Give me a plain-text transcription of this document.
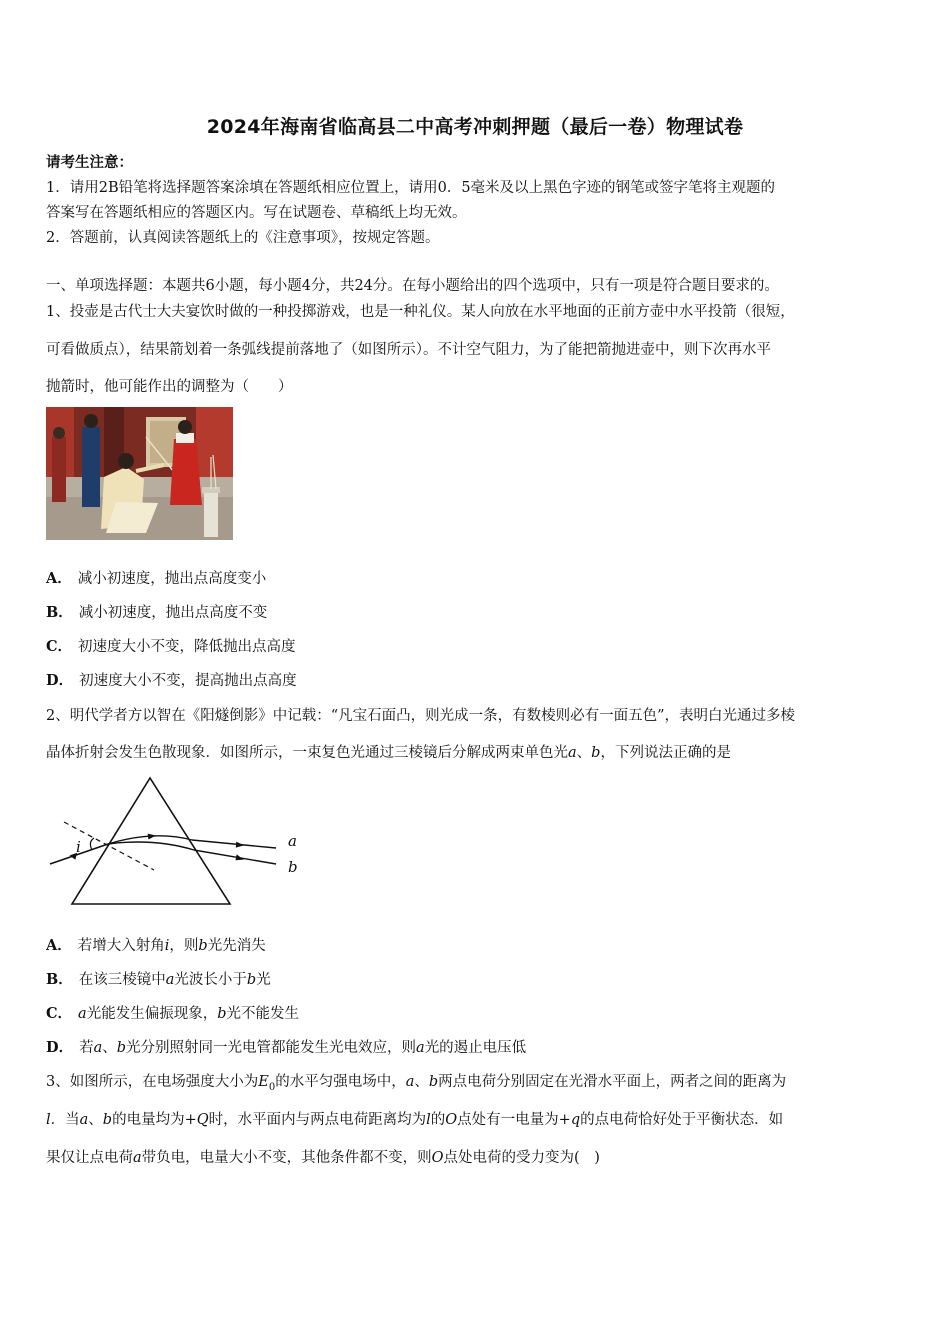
2024年海南省临高县二中高考冲刺押题（最后一卷）物理试卷
请考生注意：
1．请用2B铅笔将选择题答案涂填在答题纸相应位置上，请用0．5毫米及以上黑色字迹的钢笔或签字笔将主观题的
答案写在答题纸相应的答题区内。写在试题卷、草稿纸上均无效。
2．答题前，认真阅读答题纸上的《注意事项》，按规定答题。
一、单项选择题：本题共6小题，每小题4分，共24分。在每小题给出的四个选项中，只有一项是符合题目要求的。
1、投壶是古代士大夫宴饮时做的一种投掷游戏，也是一种礼仪。某人向放在水平地面的正前方壶中水平投箭（很短，
可看做质点），结果箭划着一条弧线提前落地了（如图所示）。不计空气阻力，为了能把箭抛进壶中，则下次再水平
抛箭时，他可能作出的调整为（　　）
A． 减小初速度，抛出点高度变小
B． 减小初速度，抛出点高度不变
C． 初速度大小不变，降低抛出点高度
D． 初速度大小不变，提高抛出点高度
2、明代学者方以智在《阳燧倒影》中记载：“凡宝石面凸，则光成一条，有数棱则必有一面五色”，表明白光通过多棱
晶体折射会发生色散现象．如图所示，一束复色光通过三棱镜后分解成两束单色光a、b，下列说法正确的是
i	a
b
A． 若增大入射角i，则b光先消失
B． 在该三棱镜中a光波长小于b光
C． a光能发生偏振现象，b光不能发生
D． 若a、b光分别照射同一光电管都能发生光电效应，则a光的遏止电压低
3、如图所示，在电场强度大小为$E_0$的水平匀强电场中，a、b两点电荷分别固定在光滑水平面上，两者之间的距离为
l．当a、b的电量均为+Q时，水平面内与两点电荷距离均为l的O点处有一电量为+q的点电荷恰好处于平衡状态．如
果仅让点电荷a带负电，电量大小不变，其他条件都不变，则O点处电荷的受力变为(　)
